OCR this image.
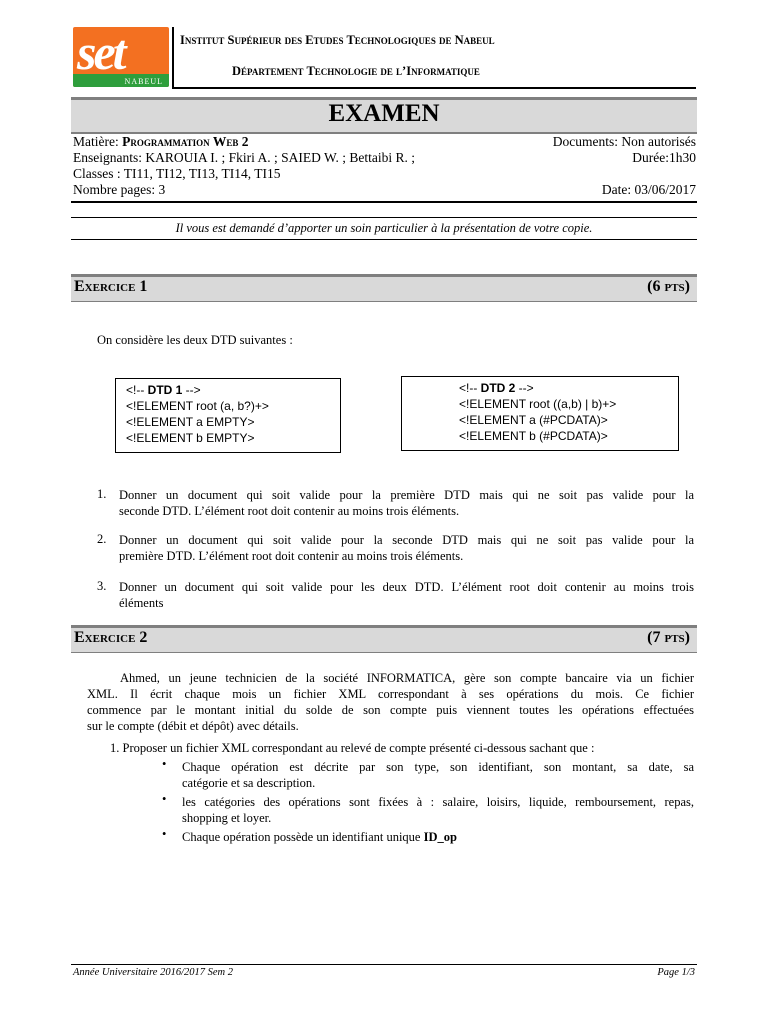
set
NABEUL
Institut Supérieur des Etudes Technologiques de Nabeul
Département Technologie de l’Informatique
EXAMEN
Matière: Programmation Web 2
Enseignants: KAROUIA I. ; Fkiri A. ; SAIED W. ; Bettaibi R. ;
Classes : TI11, TI12, TI13, TI14, TI15
Nombre pages: 3
Documents: Non autorisés
Durée:1h30

Date: 03/06/2017
Il vous est demandé d’apporter un soin particulier à la présentation de votre copie.
Exercice 1	(6 pts)
On considère les deux DTD suivantes :
<!-- DTD 1 -->
<!ELEMENT root (a, b?)+>
<!ELEMENT a EMPTY>
<!ELEMENT b EMPTY>
<!-- DTD 2 -->
<!ELEMENT root ((a,b) | b)+>
<!ELEMENT a (#PCDATA)>
<!ELEMENT b (#PCDATA)>
1. Donner un document qui soit valide pour la première DTD mais qui ne soit pas valide pour la
seconde DTD. L’élément root doit contenir au moins trois éléments.
2. Donner un document qui soit valide pour la seconde DTD mais qui ne soit pas valide pour la
première DTD. L’élément root doit contenir au moins trois éléments.
3. Donner un document qui soit valide pour les deux DTD. L’élément root doit contenir au moins trois
éléments
Exercice 2	(7 pts)
Ahmed, un jeune technicien de la société INFORMATICA, gère son compte bancaire via un fichier
XML. Il écrit chaque mois un fichier XML correspondant à ses opérations du mois. Ce fichier
commence par le montant initial du solde de son compte puis viennent toutes les opérations effectuées
sur le compte (débit et dépôt) avec détails.
1. Proposer un fichier XML correspondant au relevé de compte présenté ci-dessous sachant que :
• Chaque opération est décrite par son type, son identifiant, son montant, sa date, sa
catégorie et sa description.
• les catégories des opérations sont fixées à : salaire, loisirs, liquide, remboursement, repas,
shopping et loyer.
• Chaque opération possède un identifiant unique ID_op
Année Universitaire 2016/2017 Sem 2	Page 1/3
